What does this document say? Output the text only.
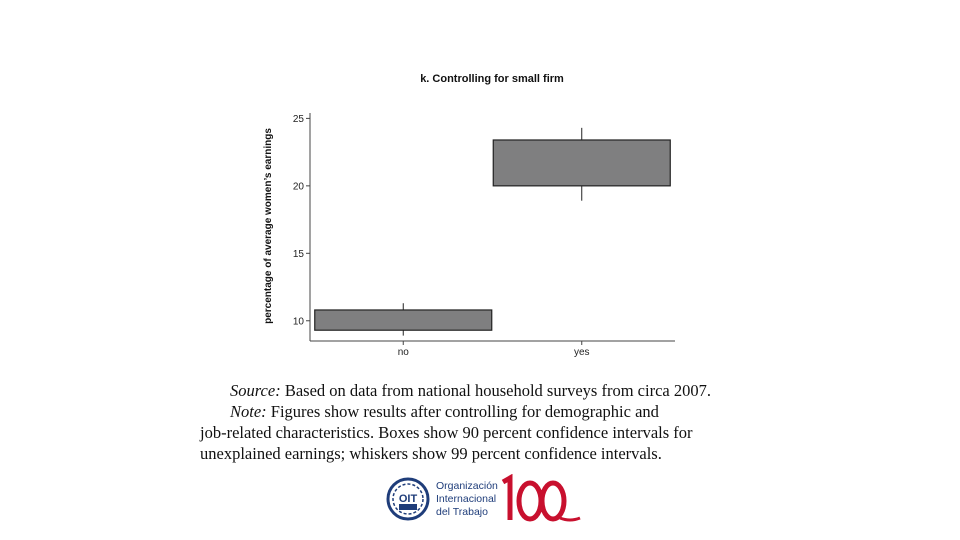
k. Controlling for small firm
percentage of average women’s earnings 10
15
20
25
no	yes

Source: Based on data from national household surveys from circa 2007.

Note: Figures show results after controlling for demographic and

job-related characteristics. Boxes show 90 percent confidence intervals for

unexplained earnings; whiskers show 99 percent confidence intervals.

OIT
Organización
Internacional
del Trabajo
